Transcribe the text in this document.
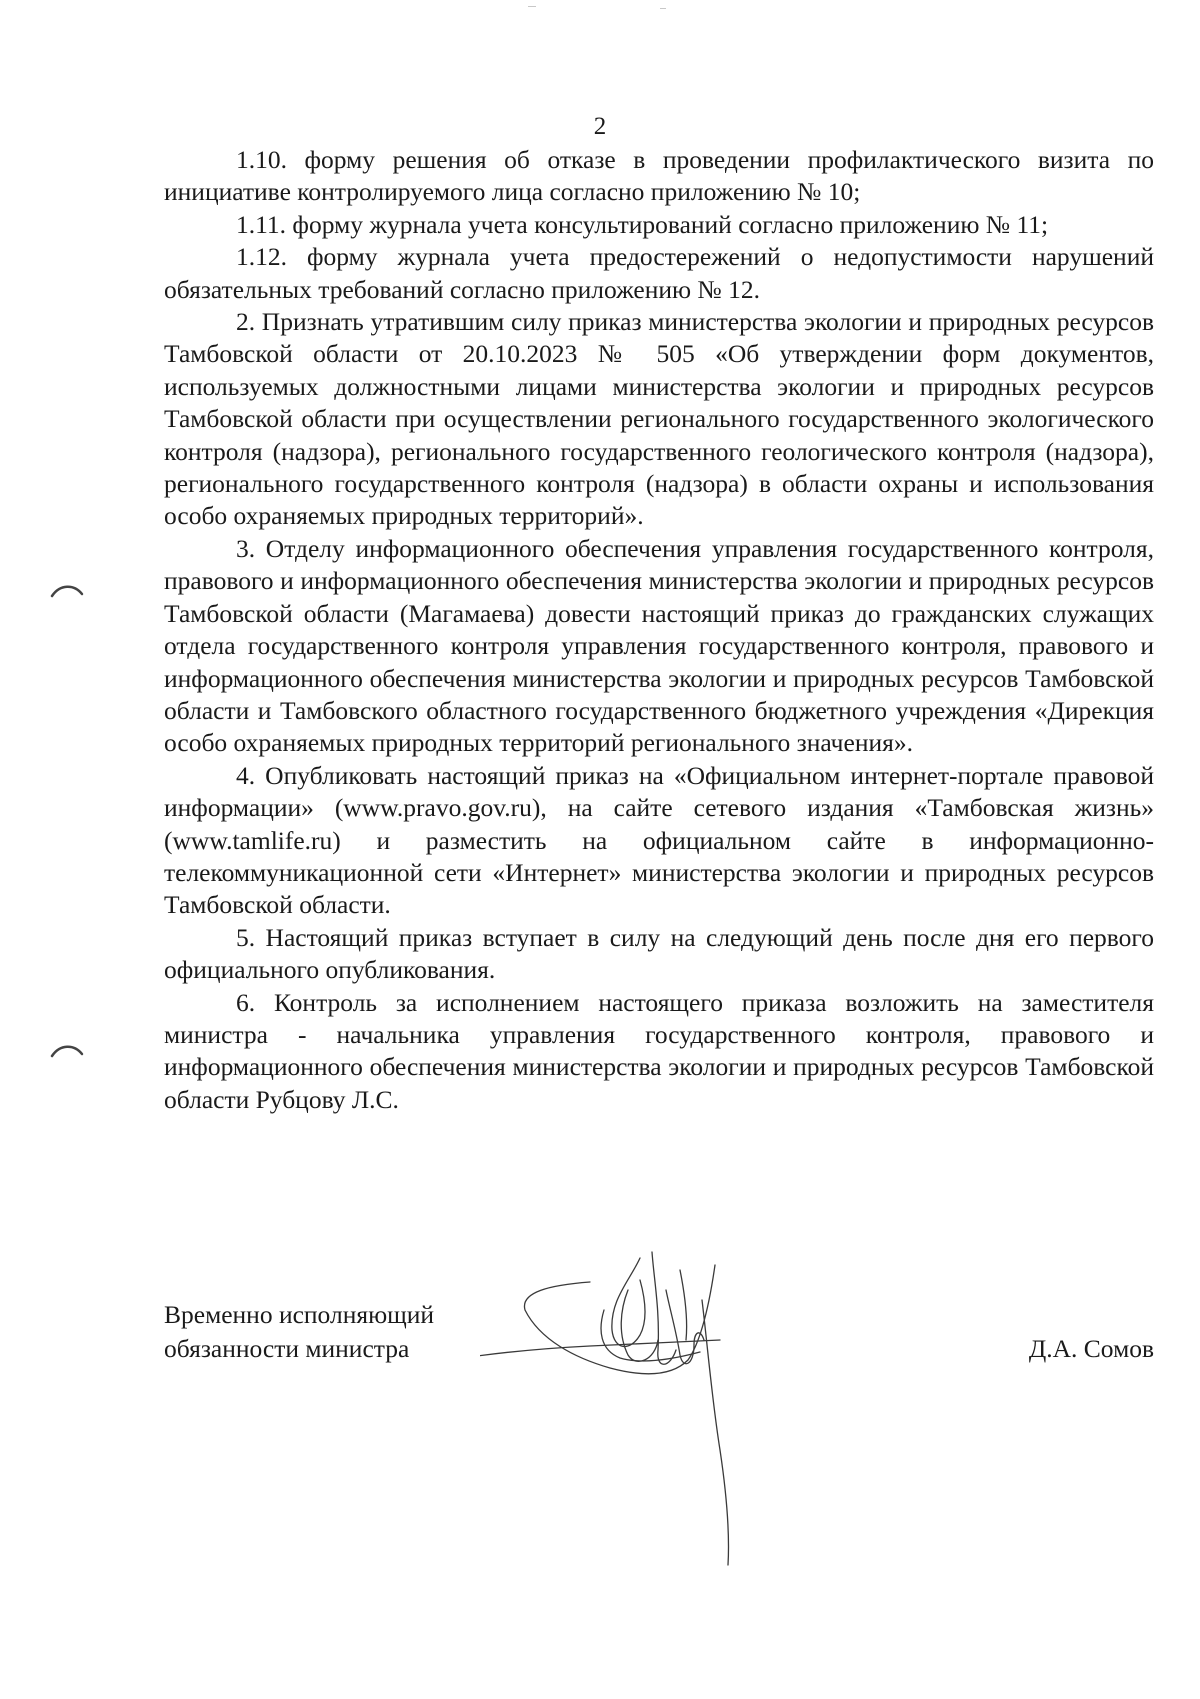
2

1.10. форму решения об отказе в проведении профилактического визита по инициативе контролируемого лица согласно приложению № 10;

1.11. форму журнала учета консультирований согласно приложению № 11;

1.12. форму журнала учета предостережений о недопустимости нарушений обязательных требований согласно приложению № 12.

2. Признать утратившим силу приказ министерства экологии и природных ресурсов Тамбовской области от 20.10.2023 № 505 «Об утверждении форм документов, используемых должностными лицами министерства экологии и природных ресурсов Тамбовской области при осуществлении регионального государственного экологического контроля (надзора), регионального государственного геологического контроля (надзора), регионального государственного контроля (надзора) в области охраны и использования особо охраняемых природных территорий».

3. Отделу информационного обеспечения управления государственного контроля, правового и информационного обеспечения министерства экологии и природных ресурсов Тамбовской области (Магамаева) довести настоящий приказ до гражданских служащих отдела государственного контроля управления государственного контроля, правового и информационного обеспечения министерства экологии и природных ресурсов Тамбовской области и Тамбовского областного государственного бюджетного учреждения «Дирекция особо охраняемых природных территорий регионального значения».

4. Опубликовать настоящий приказ на «Официальном интернет-портале правовой информации» (www.pravo.gov.ru), на сайте сетевого издания «Тамбовская жизнь» (www.tamlife.ru) и разместить на официальном сайте в информационно-телекоммуникационной сети «Интернет» министерства экологии и природных ресурсов Тамбовской области.

5. Настоящий приказ вступает в силу на следующий день после дня его первого официального опубликования.

6. Контроль за исполнением настоящего приказа возложить на заместителя министра - начальника управления государственного контроля, правового и информационного обеспечения министерства экологии и природных ресурсов Тамбовской области Рубцову Л.С.

Временно исполняющий
обязанности министра	Д.А. Сомов
